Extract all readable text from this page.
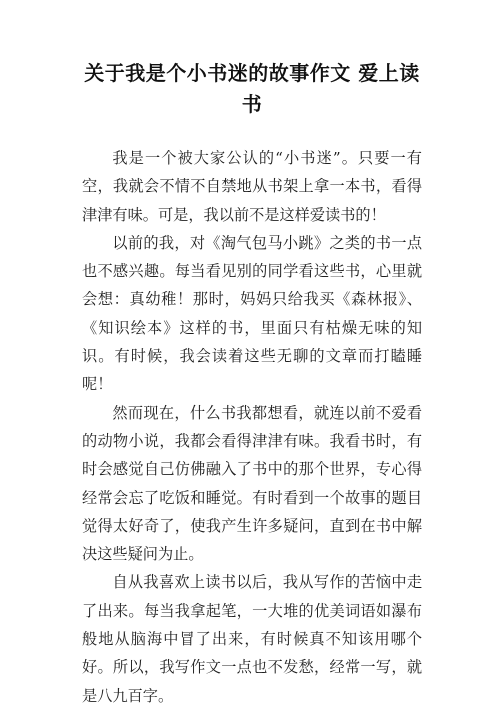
关于我是个小书迷的故事作文 爱上读书

我是一个被大家公认的“小书迷”。只要一有空，我就会不情不自禁地从书架上拿一本书，看得津津有味。可是，我以前不是这样爱读书的！

以前的我，对《淘气包马小跳》之类的书一点也不感兴趣。每当看见别的同学看这些书，心里就会想：真幼稚！那时，妈妈只给我买《森林报》、《知识绘本》这样的书，里面只有枯燥无味的知识。有时候，我会读着这些无聊的文章而打瞌睡呢！

然而现在，什么书我都想看，就连以前不爱看的动物小说，我都会看得津津有味。我看书时，有时会感觉自己仿佛融入了书中的那个世界，专心得经常会忘了吃饭和睡觉。有时看到一个故事的题目觉得太好奇了，使我产生许多疑问，直到在书中解决这些疑问为止。

自从我喜欢上读书以后，我从写作的苦恼中走了出来。每当我拿起笔，一大堆的优美词语如瀑布般地从脑海中冒了出来，有时候真不知该用哪个好。所以，我写作文一点也不发愁，经常一写，就是八九百字。
